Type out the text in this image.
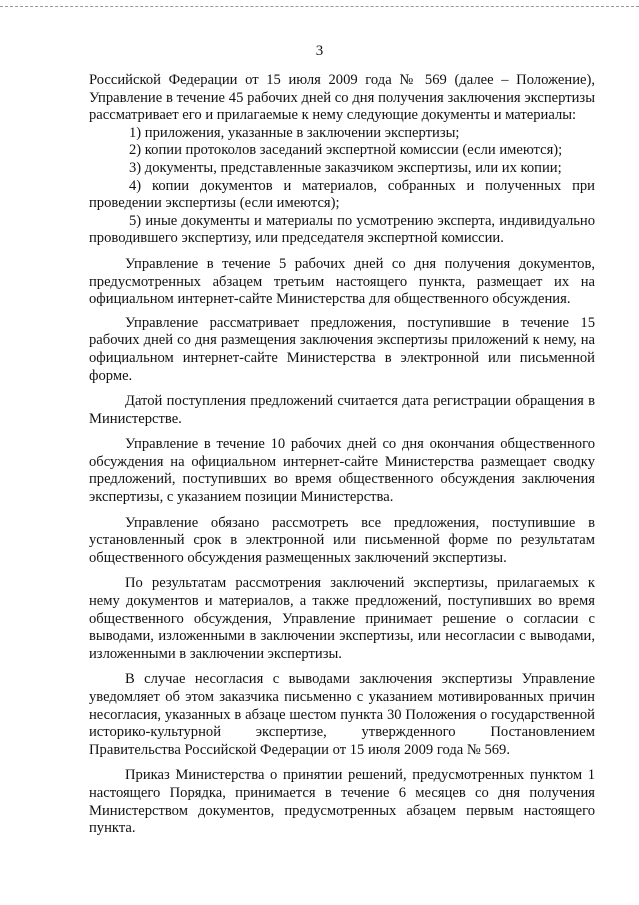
3

Российской Федерации от 15 июля 2009 года № 569 (далее – Положение), Управление в течение 45 рабочих дней со дня получения заключения экспертизы рассматривает его и прилагаемые к нему следующие документы и материалы:

1) приложения, указанные в заключении экспертизы;

2) копии протоколов заседаний экспертной комиссии (если имеются);

3) документы, представленные заказчиком экспертизы, или их копии;

4) копии документов и материалов, собранных и полученных при проведении экспертизы (если имеются);

5) иные документы и материалы по усмотрению эксперта, индивидуально проводившего экспертизу, или председателя экспертной комиссии.

Управление в течение 5 рабочих дней со дня получения документов, предусмотренных абзацем третьим настоящего пункта, размещает их на официальном интернет-сайте Министерства для общественного обсуждения.

Управление рассматривает предложения, поступившие в течение 15 рабочих дней со дня размещения заключения экспертизы приложений к нему, на официальном интернет-сайте Министерства в электронной или письменной форме.

Датой поступления предложений считается дата регистрации обращения в Министерстве.

Управление в течение 10 рабочих дней со дня окончания общественного обсуждения на официальном интернет-сайте Министерства размещает сводку предложений, поступивших во время общественного обсуждения заключения экспертизы, с указанием позиции Министерства.

Управление обязано рассмотреть все предложения, поступившие в установленный срок в электронной или письменной форме по результатам общественного обсуждения размещенных заключений экспертизы.

По результатам рассмотрения заключений экспертизы, прилагаемых к нему документов и материалов, а также предложений, поступивших во время общественного обсуждения, Управление принимает решение о согласии с выводами, изложенными в заключении экспертизы, или несогласии с выводами, изложенными в заключении экспертизы.

В случае несогласия с выводами заключения экспертизы Управление уведомляет об этом заказчика письменно с указанием мотивированных причин несогласия, указанных в абзаце шестом пункта 30 Положения о государственной историко-культурной экспертизе, утвержденного Постановлением Правительства Российской Федерации от 15 июля 2009 года № 569.

Приказ Министерства о принятии решений, предусмотренных пунктом 1 настоящего Порядка, принимается в течение 6 месяцев со дня получения Министерством документов, предусмотренных абзацем первым настоящего пункта.
